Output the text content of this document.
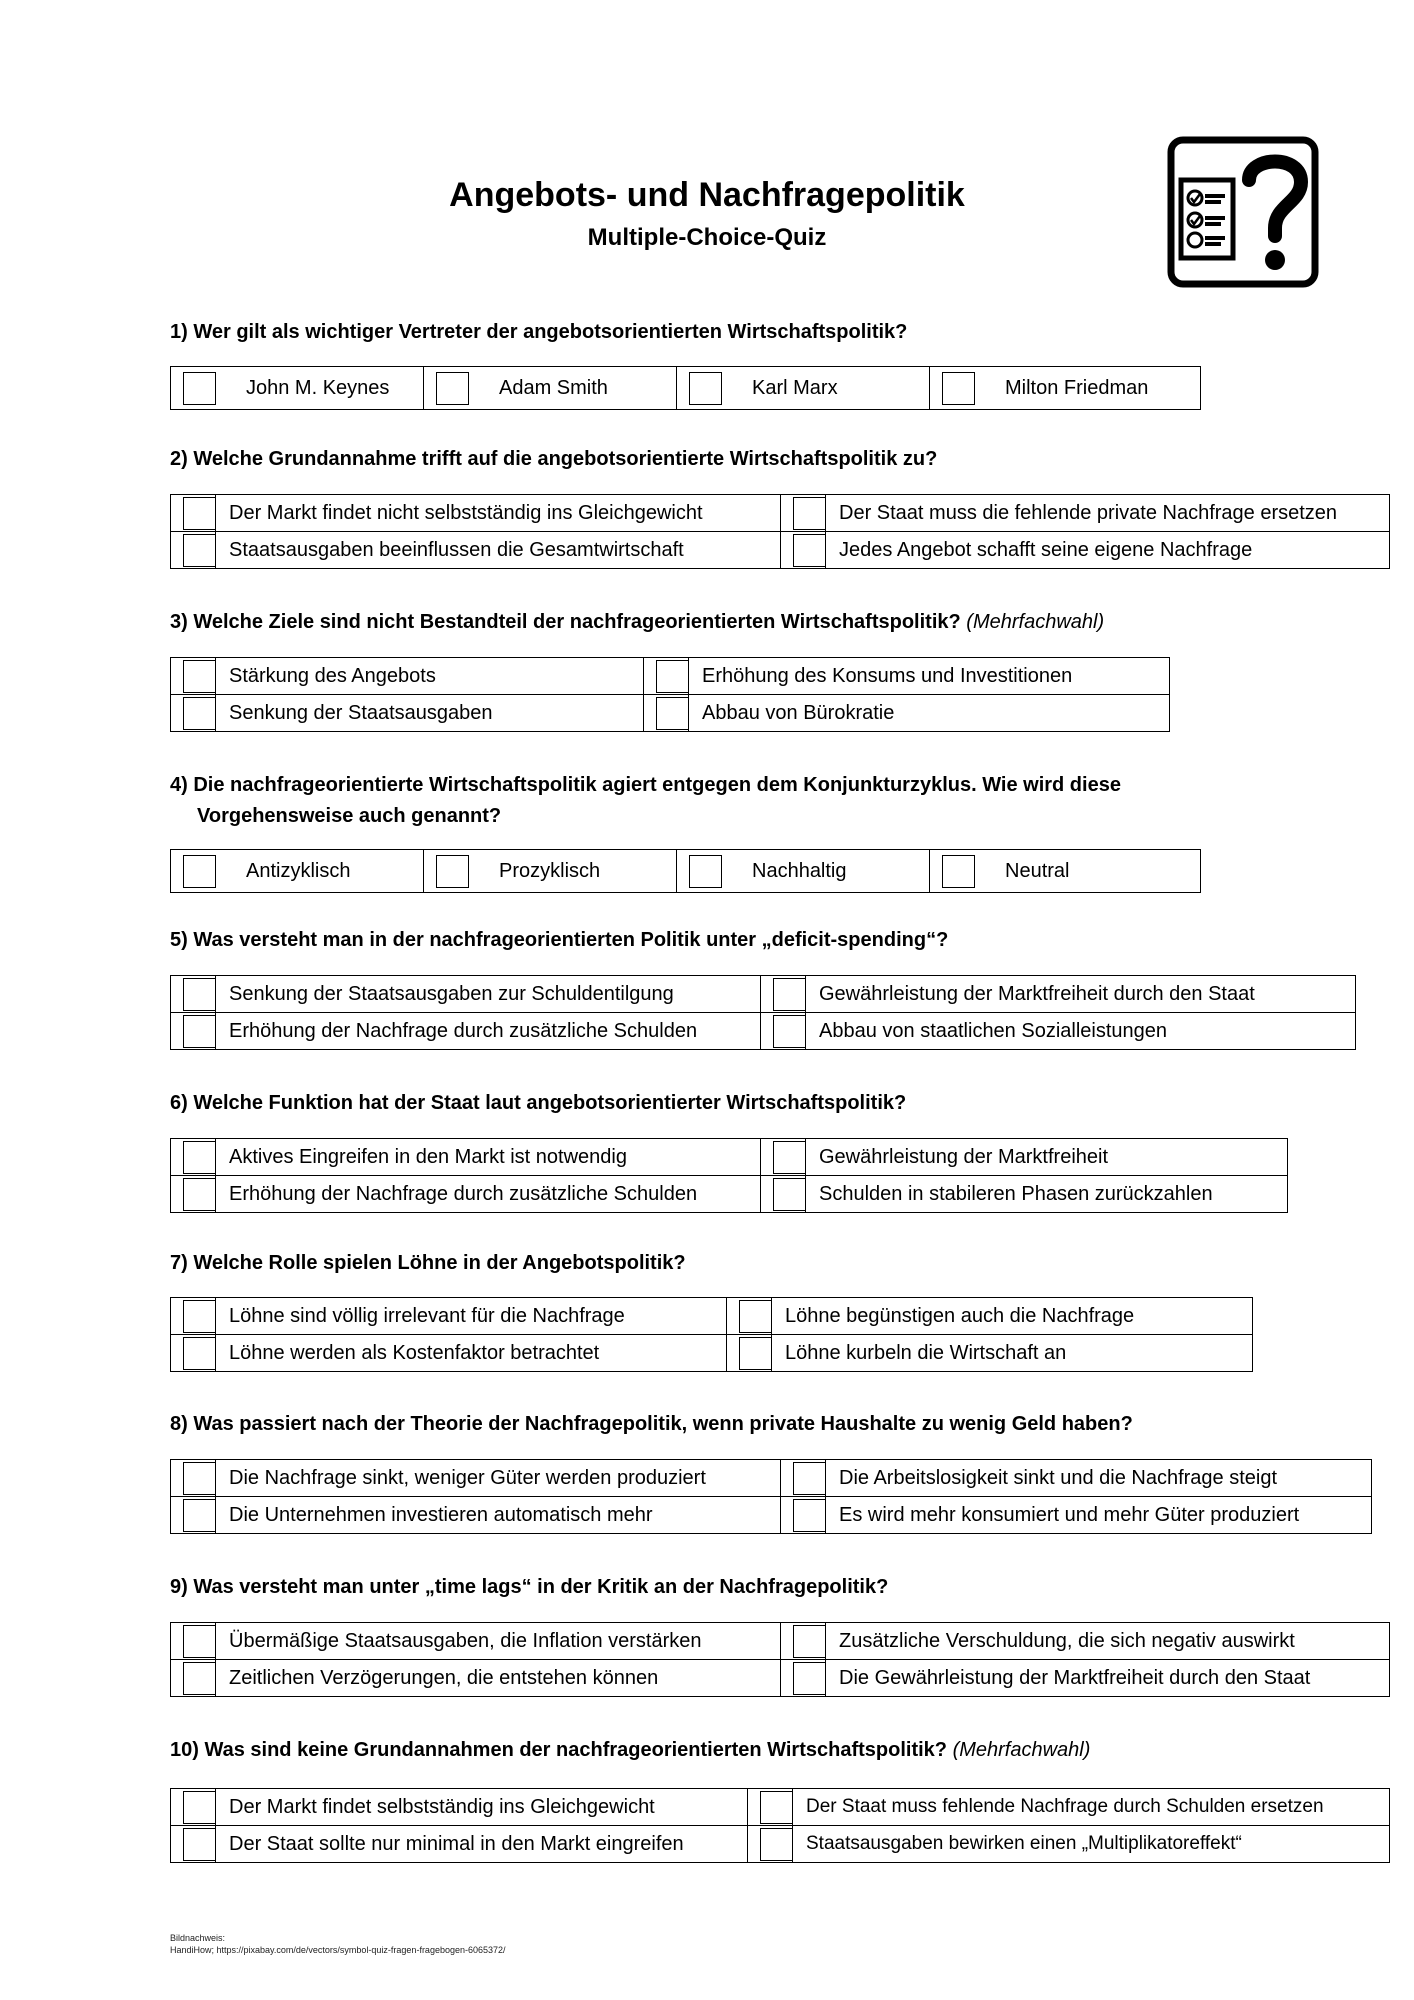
Angebots- und Nachfragepolitik
Multiple-Choice-Quiz
1) Wer gilt als wichtiger Vertreter der angebotsorientierten Wirtschaftspolitik?
John M. Keynes	Adam Smith	Karl Marx	Milton Friedman
2) Welche Grundannahme trifft auf die angebotsorientierte Wirtschaftspolitik zu?
	Der Markt findet nicht selbstständig ins Gleichgewicht		Der Staat muss die fehlende private Nachfrage ersetzen

	Staatsausgaben beeinflussen die Gesamtwirtschaft		Jedes Angebot schafft seine eigene Nachfrage
3) Welche Ziele sind nicht Bestandteil der nachfrageorientierten Wirtschaftspolitik? (Mehrfachwahl)
	Stärkung des Angebots		Erhöhung des Konsums und Investitionen

	Senkung der Staatsausgaben		Abbau von Bürokratie
4) Die nachfrageorientierte Wirtschaftspolitik agiert entgegen dem Konjunkturzyklus. Wie wird diese
Vorgehensweise auch genannt?
Antizyklisch	Prozyklisch	Nachhaltig	Neutral
5) Was versteht man in der nachfrageorientierten Politik unter „deficit-spending“?
	Senkung der Staatsausgaben zur Schuldentilgung		Gewährleistung der Marktfreiheit durch den Staat

	Erhöhung der Nachfrage durch zusätzliche Schulden		Abbau von staatlichen Sozialleistungen
6) Welche Funktion hat der Staat laut angebotsorientierter Wirtschaftspolitik?
	Aktives Eingreifen in den Markt ist notwendig		Gewährleistung der Marktfreiheit

	Erhöhung der Nachfrage durch zusätzliche Schulden		Schulden in stabileren Phasen zurückzahlen
7) Welche Rolle spielen Löhne in der Angebotspolitik?
	Löhne sind völlig irrelevant für die Nachfrage		Löhne begünstigen auch die Nachfrage

	Löhne werden als Kostenfaktor betrachtet		Löhne kurbeln die Wirtschaft an
8) Was passiert nach der Theorie der Nachfragepolitik, wenn private Haushalte zu wenig Geld haben?
	Die Nachfrage sinkt, weniger Güter werden produziert		Die Arbeitslosigkeit sinkt und die Nachfrage steigt

	Die Unternehmen investieren automatisch mehr		Es wird mehr konsumiert und mehr Güter produziert
9) Was versteht man unter „time lags“ in der Kritik an der Nachfragepolitik?
	Übermäßige Staatsausgaben, die Inflation verstärken		Zusätzliche Verschuldung, die sich negativ auswirkt

	Zeitlichen Verzögerungen, die entstehen können		Die Gewährleistung der Marktfreiheit durch den Staat
10) Was sind keine Grundannahmen der nachfrageorientierten Wirtschaftspolitik? (Mehrfachwahl)
	Der Markt findet selbstständig ins Gleichgewicht		Der Staat muss fehlende Nachfrage durch Schulden ersetzen

	Der Staat sollte nur minimal in den Markt eingreifen		Staatsausgaben bewirken einen „Multiplikatoreffekt“
Bildnachweis:
HandiHow; https://pixabay.com/de/vectors/symbol-quiz-fragen-fragebogen-6065372/
